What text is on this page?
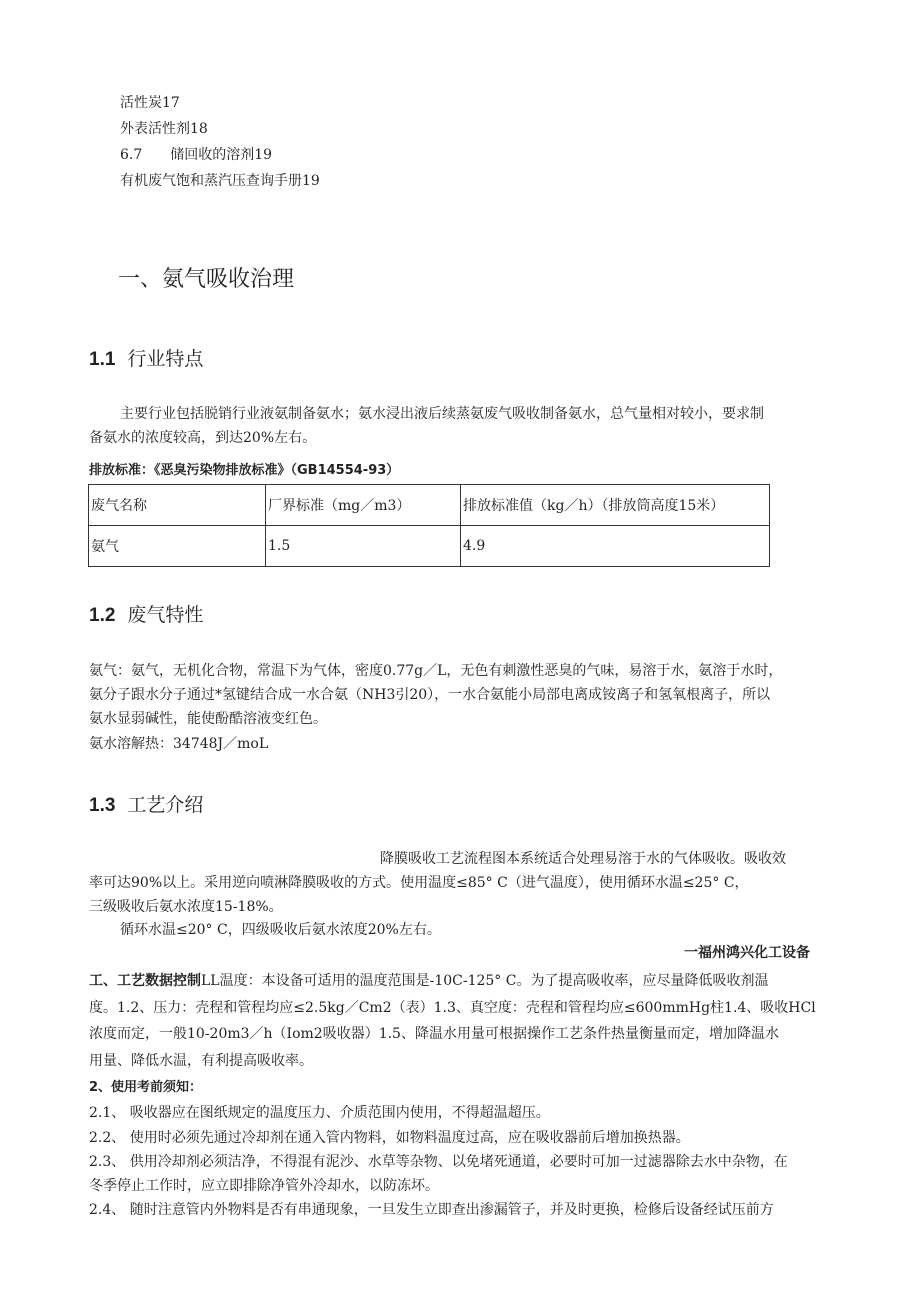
活性炭17
外表活性剂18
6.7  储回收的溶剂19
有机废气饱和蒸汽压查询手册19
一、氨气吸收治理
1.1 行业特点
主要行业包括脱销行业液氨制备氨水；氨水浸出液后续蒸氨废气吸收制备氨水，总气量相对较小，要求制
备氨水的浓度较高，到达20%左右。
排放标准：《恶臭污染物排放标准》（GB14554-93）
废气名称	厂界标准（mg／m3）	排放标准值（kg／h）（排放筒高度15米）
氨气	1.5	4.9
1.2 废气特性
氨气：氨气，无机化合物，常温下为气体，密度0.77g／L，无色有刺激性恶臭的气味，易溶于水，氨溶于水时，
氨分子跟水分子通过*氢键结合成一水合氨（NH3引20），一水合氨能小局部电离成铵离子和氢氧根离子，所以
氨水显弱碱性，能使酚酷溶液变红色。
氨水溶解热：34748J／moL
1.3 工艺介绍
降膜吸收工艺流程图本系统适合处理易溶于水的气体吸收。吸收效
率可达90%以上。采用逆向喷淋降膜吸收的方式。使用温度≤85° C（进气温度），使用循环水温≤25° C，
三级吸收后氨水浓度15-18%。
循环水温≤20° C，四级吸收后氨水浓度20%左右。
一福州鸿兴化工设备
工、工艺数据控制LL温度：本设备可适用的温度范围是-10C-125° C。为了提高吸收率，应尽量降低吸收剂温
度。1.2、压力：壳程和管程均应≤2.5kg／Cm2（表）1.3、真空度：壳程和管程均应≤600mmHg柱1.4、吸收HCl
浓度而定，一般10-20m3／h（Iom2吸收器）1.5、降温水用量可根据操作工艺条件热量衡量而定，增加降温水
用量、降低水温，有利提高吸收率。
2、使用考前须知：
2.1、 吸收器应在图纸规定的温度压力、介质范围内使用，不得超温超压。
2.2、 使用时必须先通过冷却剂在通入管内物料，如物料温度过高，应在吸收器前后增加换热器。
2.3、 供用冷却剂必须洁净，不得混有泥沙、水草等杂物、以免堵死通道，必要时可加一过滤器除去水中杂物，在
冬季停止工作时，应立即排除净管外冷却水，以防冻坏。
2.4、 随时注意管内外物料是否有串通现象，一旦发生立即查出渗漏管子，并及时更换，检修后设备经试压前方
